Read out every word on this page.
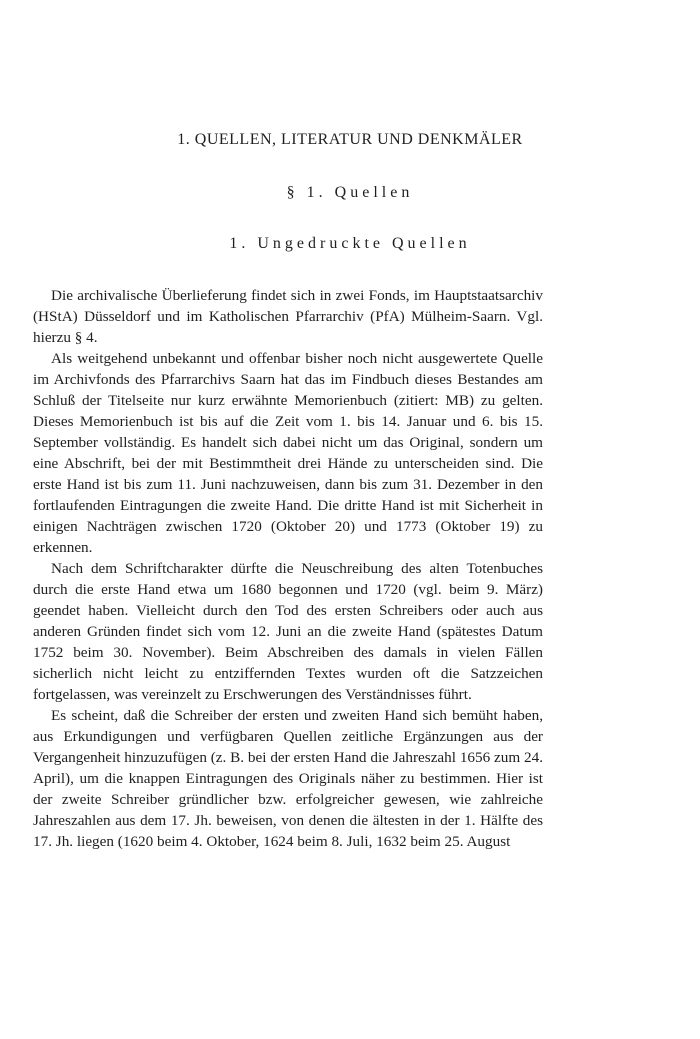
1. QUELLEN, LITERATUR UND DENKMÄLER
§ 1. Quellen
1. Ungedruckte Quellen

Die archivalische Überlieferung findet sich in zwei Fonds, im Hauptstaatsarchiv (HStA) Düsseldorf und im Katholischen Pfarrarchiv (PfA) Mülheim-Saarn. Vgl. hierzu § 4.

Als weitgehend unbekannt und offenbar bisher noch nicht ausgewertete Quelle im Archivfonds des Pfarrarchivs Saarn hat das im Findbuch dieses Bestandes am Schluß der Titelseite nur kurz erwähnte Memorienbuch (zitiert: MB) zu gelten. Dieses Memorienbuch ist bis auf die Zeit vom 1. bis 14. Januar und 6. bis 15. September vollständig. Es handelt sich dabei nicht um das Original, sondern um eine Abschrift, bei der mit Bestimmtheit drei Hände zu unterscheiden sind. Die erste Hand ist bis zum 11. Juni nachzuweisen, dann bis zum 31. Dezember in den fortlaufenden Eintragungen die zweite Hand. Die dritte Hand ist mit Sicherheit in einigen Nachträgen zwischen 1720 (Oktober 20) und 1773 (Oktober 19) zu erkennen.

Nach dem Schriftcharakter dürfte die Neuschreibung des alten Totenbuches durch die erste Hand etwa um 1680 begonnen und 1720 (vgl. beim 9. März) geendet haben. Vielleicht durch den Tod des ersten Schreibers oder auch aus anderen Gründen findet sich vom 12. Juni an die zweite Hand (spätestes Datum 1752 beim 30. November). Beim Abschreiben des damals in vielen Fällen sicherlich nicht leicht zu entziffernden Textes wurden oft die Satzzeichen fortgelassen, was vereinzelt zu Erschwerungen des Verständnisses führt.

Es scheint, daß die Schreiber der ersten und zweiten Hand sich bemüht haben, aus Erkundigungen und verfügbaren Quellen zeitliche Ergänzungen aus der Vergangenheit hinzuzufügen (z. B. bei der ersten Hand die Jahreszahl 1656 zum 24. April), um die knappen Eintragungen des Originals näher zu bestimmen. Hier ist der zweite Schreiber gründlicher bzw. erfolgreicher gewesen, wie zahlreiche Jahreszahlen aus dem 17. Jh. beweisen, von denen die ältesten in der 1. Hälfte des 17. Jh. liegen (1620 beim 4. Oktober, 1624 beim 8. Juli, 1632 beim 25. August
